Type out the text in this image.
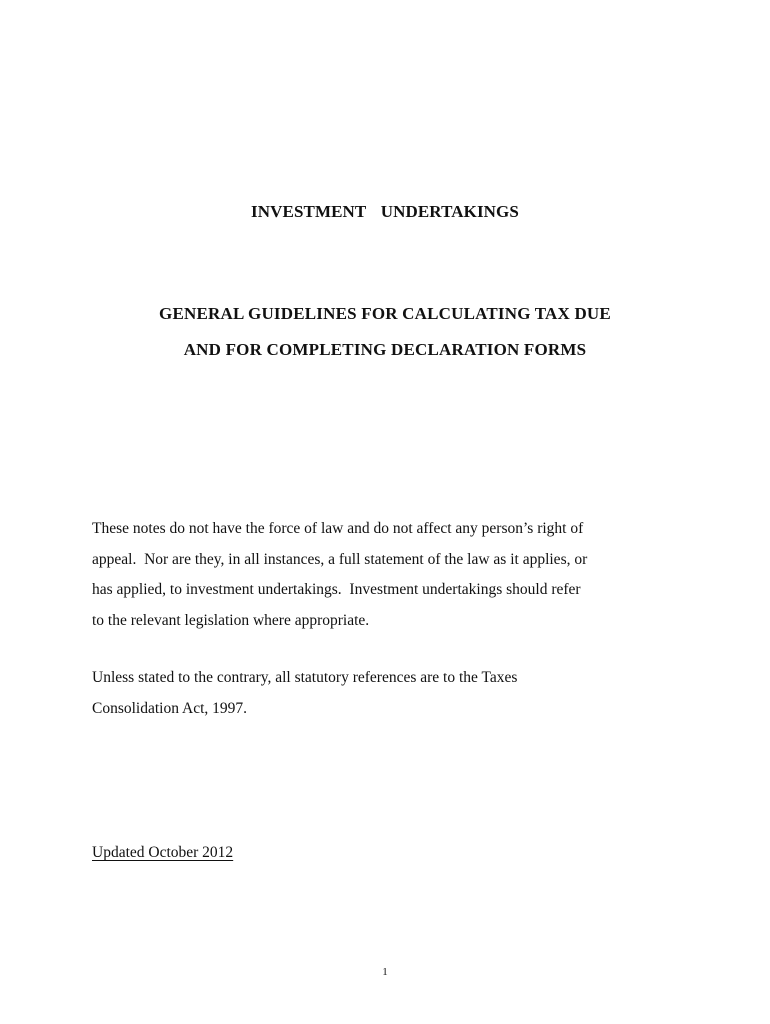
INVESTMENT  UNDERTAKINGS
GENERAL GUIDELINES FOR CALCULATING TAX DUE
AND FOR COMPLETING DECLARATION FORMS

These notes do not have the force of law and do not affect any person’s right of
appeal.  Nor are they, in all instances, a full statement of the law as it applies, or
has applied, to investment undertakings.  Investment undertakings should refer
to the relevant legislation where appropriate.

Unless stated to the contrary, all statutory references are to the Taxes
Consolidation Act, 1997.

Updated October 2012
1
